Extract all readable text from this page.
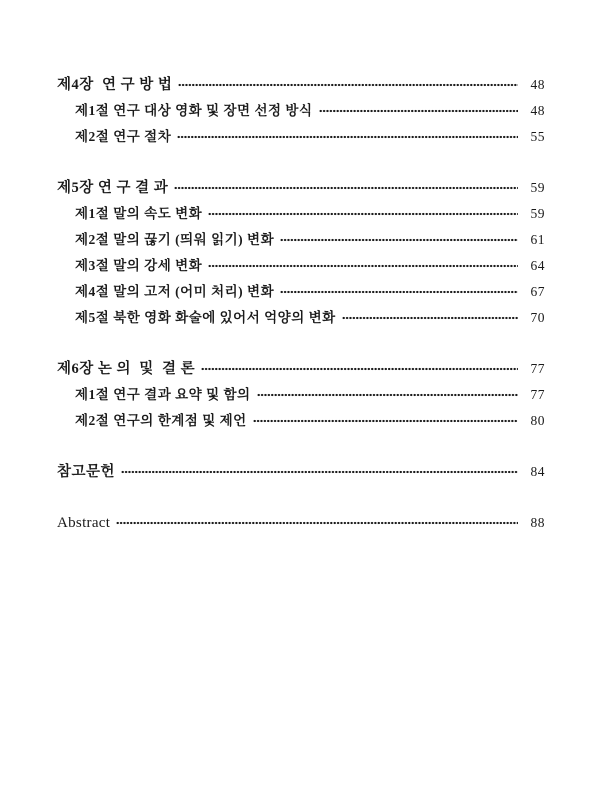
제4장  연 구 방 법	48
제1절 연구 대상 영화 및 장면 선정 방식	48
제2절 연구 절차	55
제5장 연 구 결 과	59
제1절 말의 속도 변화	59
제2절 말의 끊기 (띄워 읽기) 변화	61
제3절 말의 강세 변화	64
제4절 말의 고저 (어미 처리) 변화	67
제5절 북한 영화 화술에 있어서 억양의 변화	70
제6장 논 의  및  결 론	77
제1절 연구 결과 요약 및 함의	77
제2절 연구의 한계점 및 제언	80
참고문헌	84
Abstract	88
